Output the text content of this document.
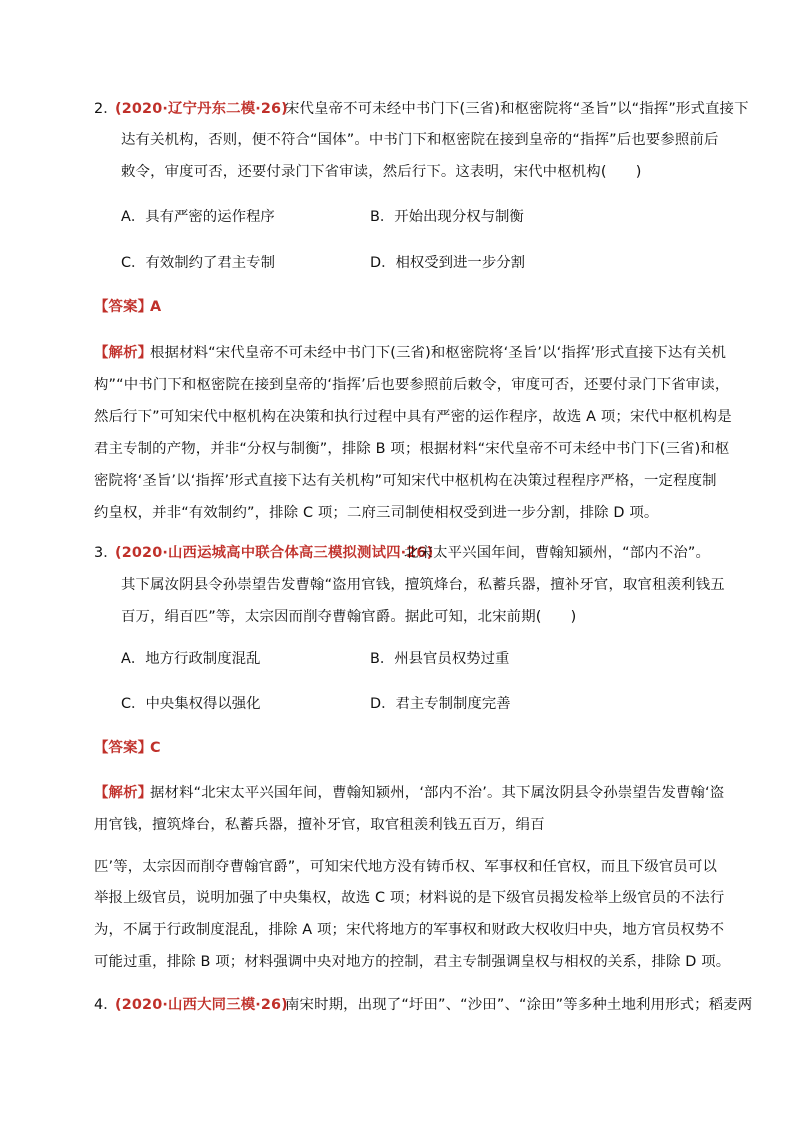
2．
(2020·辽宁丹东二模·26)
宋代皇帝不可未经中书门下(三省)和枢密院将“圣旨”以“指挥”形式直接下
达有关机构，否则，便不符合“国体”。中书门下和枢密院在接到皇帝的“指挥”后也要参照前后
敕令，审度可否，还要付录门下省审读，然后行下。这表明，宋代中枢机构(　　)
A．具有严密的运作程序	B．开始出现分权与制衡
C．有效制约了君主专制	D．相权受到进一步分割
【答案】
A
【解析】
根据材料“宋代皇帝不可未经中书门下(三省)和枢密院将‘圣旨’以‘指挥’形式直接下达有关机
构”“中书门下和枢密院在接到皇帝的‘指挥’后也要参照前后敕令，审度可否，还要付录门下省审读，
然后行下”可知宋代中枢机构在决策和执行过程中具有严密的运作程序，故选 A 项；宋代中枢机构是
君主专制的产物，并非“分权与制衡”，排除 B 项；根据材料“宋代皇帝不可未经中书门下(三省)和枢
密院将‘圣旨’以‘指挥’形式直接下达有关机构”可知宋代中枢机构在决策过程程序严格，一定程度制
约皇权，并非“有效制约”，排除 C 项；二府三司制使相权受到进一步分割，排除 D 项。
3．
(2020·山西运城高中联合体高三模拟测试四·26)
北宋太平兴国年间，曹翰知颍州，“部内不治”。
其下属汝阴县令孙崇望告发曹翰“盗用官钱，擅筑烽台，私蓄兵器，擅补牙官，取官租羡利钱五
百万，绢百匹”等，太宗因而削夺曹翰官爵。据此可知，北宋前期(　　)
A．地方行政制度混乱	B．州县官员权势过重
C．中央集权得以强化	D．君主专制制度完善
【答案】
C
【解析】
据材料“北宋太平兴国年间，曹翰知颍州，‘部内不治’。其下属汝阴县令孙崇望告发曹翰‘盗
用官钱，擅筑烽台，私蓄兵器，擅补牙官，取官租羡利钱五百万，绢百
匹’等，太宗因而削夺曹翰官爵”，可知宋代地方没有铸币权、军事权和任官权，而且下级官员可以
举报上级官员，说明加强了中央集权，故选 C 项；材料说的是下级官员揭发检举上级官员的不法行
为，不属于行政制度混乱，排除 A 项；宋代将地方的军事权和财政大权收归中央，地方官员权势不
可能过重，排除 B 项；材料强调中央对地方的控制，君主专制强调皇权与相权的关系，排除 D 项。
4．
(2020·山西大同三模·26)
南宋时期，出现了“圩田”、“沙田”、“涂田”等多种土地利用形式；稻麦两
